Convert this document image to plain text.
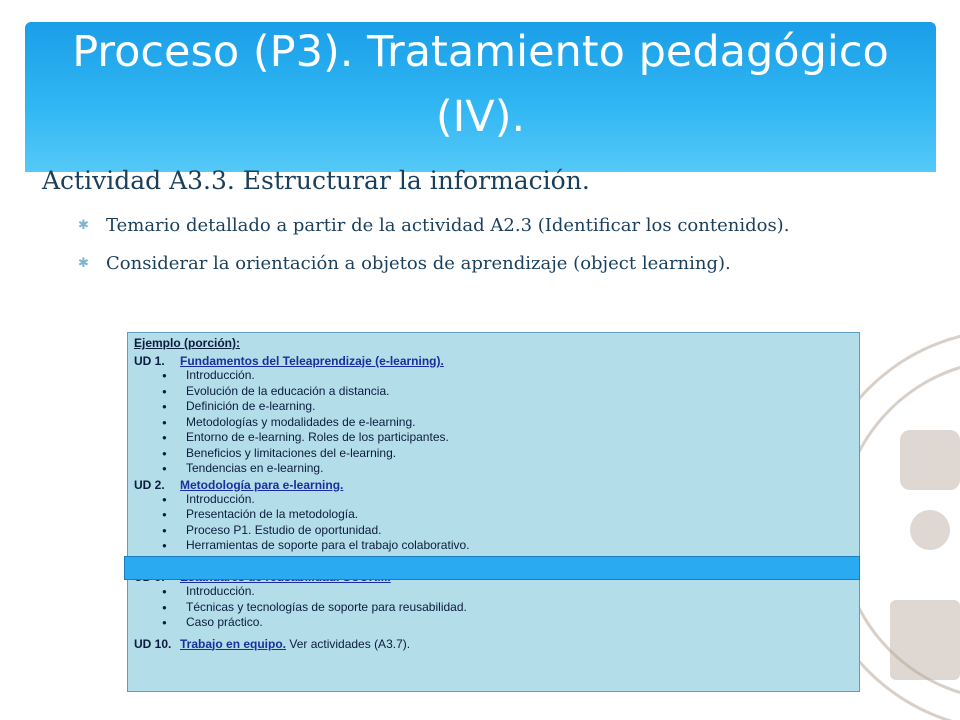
Proceso (P3). Tratamiento pedagógico (IV).
Actividad A3.3. Estructurar la información.
✱ Temario detallado a partir de la actividad A2.3 (Identificar los contenidos).
✱ Considerar la orientación a objetos de aprendizaje (object learning).
Ejemplo (porción):
UD 1. Fundamentos del Teleaprendizaje (e-learning).
● Introducción.
● Evolución de la educación a distancia.
● Definición de e-learning.
● Metodologías y modalidades de e-learning.
● Entorno de e-learning. Roles de los participantes.
● Beneficios y limitaciones del e-learning.
● Tendencias en e-learning.
UD 2. Metodología para e-learning.
● Introducción.
● Presentación de la metodología.
● Proceso P1. Estudio de oportunidad.
● Herramientas de soporte para el trabajo colaborativo.
●
● Introducción.
● Técnicas y tecnologías de soporte para reusabilidad.
● Caso práctico.
UD 10. Trabajo en equipo. Ver actividades (A3.7).
